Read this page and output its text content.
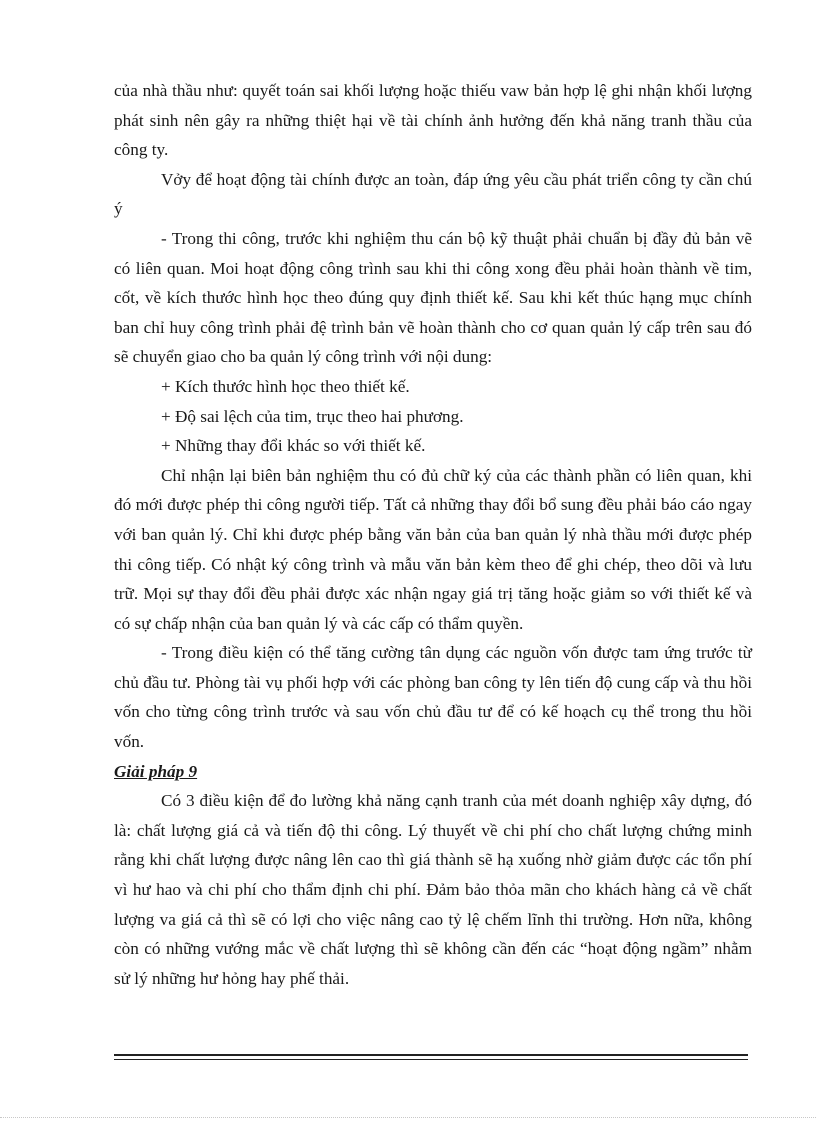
của nhà thầu như: quyết toán sai khối lượng hoặc thiếu vaw bản hợp lệ ghi nhận khối lượng phát sinh nên gây ra những thiệt hại về tài chính ảnh hưởng đến khả năng tranh thầu của công ty.

Vởy để hoạt động tài chính được an toàn, đáp ứng yêu cầu phát triển công ty cần chú ý

- Trong thi công, trước khi nghiệm thu cán bộ kỹ thuật phải chuẩn bị đầy đủ bản vẽ có liên quan. Moi hoạt động công trình sau khi thi công xong đều phải hoàn thành về tim, cốt, về kích thước hình học theo đúng quy định thiết kế. Sau khi kết thúc hạng mục chính ban chỉ huy công trình phải đệ trình bản vẽ hoàn thành cho cơ quan quản lý cấp trên sau đó sẽ chuyển giao cho ba quản lý công trình với nội dung:

+ Kích thước hình học theo thiết kế.

+ Độ sai lệch của tim, trục theo hai phương.

+ Những thay đổi khác so với thiết kế.

Chỉ nhận lại biên bản nghiệm thu có đủ chữ ký của các thành phần có liên quan, khi đó mới được phép thi công người tiếp. Tất cả những thay đổi bổ sung đều phải báo cáo ngay với ban quản lý. Chỉ khi được phép bằng văn bản của ban quản lý nhà thầu mới được phép thi công tiếp. Có nhật ký công trình và mẫu văn bản kèm theo để ghi chép, theo dõi và lưu trữ. Mọi sự thay đổi đều phải được xác nhận ngay giá trị tăng hoặc giảm so với thiết kế và có sự chấp nhận của ban quản lý và các cấp có thẩm quyền.

- Trong điều kiện có thể tăng cường tân dụng các nguồn vốn được tam ứng trước từ chủ đầu tư. Phòng tài vụ phối hợp với các phòng ban công ty lên tiến độ cung cấp và thu hồi vốn cho từng công trình trước và sau vốn chủ đầu tư để có kế hoạch cụ thể trong thu hồi vốn.

Giải pháp 9

Có 3 điều kiện để đo lường khả năng cạnh tranh của mét doanh nghiệp xây dựng, đó là: chất lượng giá cả và tiến độ thi công. Lý thuyết về chi phí cho chất lượng chứng minh rằng khi chất lượng được nâng lên cao thì giá thành sẽ hạ xuống nhờ giảm được các tổn phí vì hư hao và chi phí cho thẩm định chi phí. Đảm bảo thỏa mãn cho khách hàng cả về chất lượng va giá cả thì sẽ có lợi cho việc nâng cao tỷ lệ chếm lĩnh thi trường. Hơn nữa, không còn có những vướng mắc về chất lượng thì sẽ không cần đến các “hoạt động ngầm” nhằm sử lý những hư hỏng hay phế thải.
